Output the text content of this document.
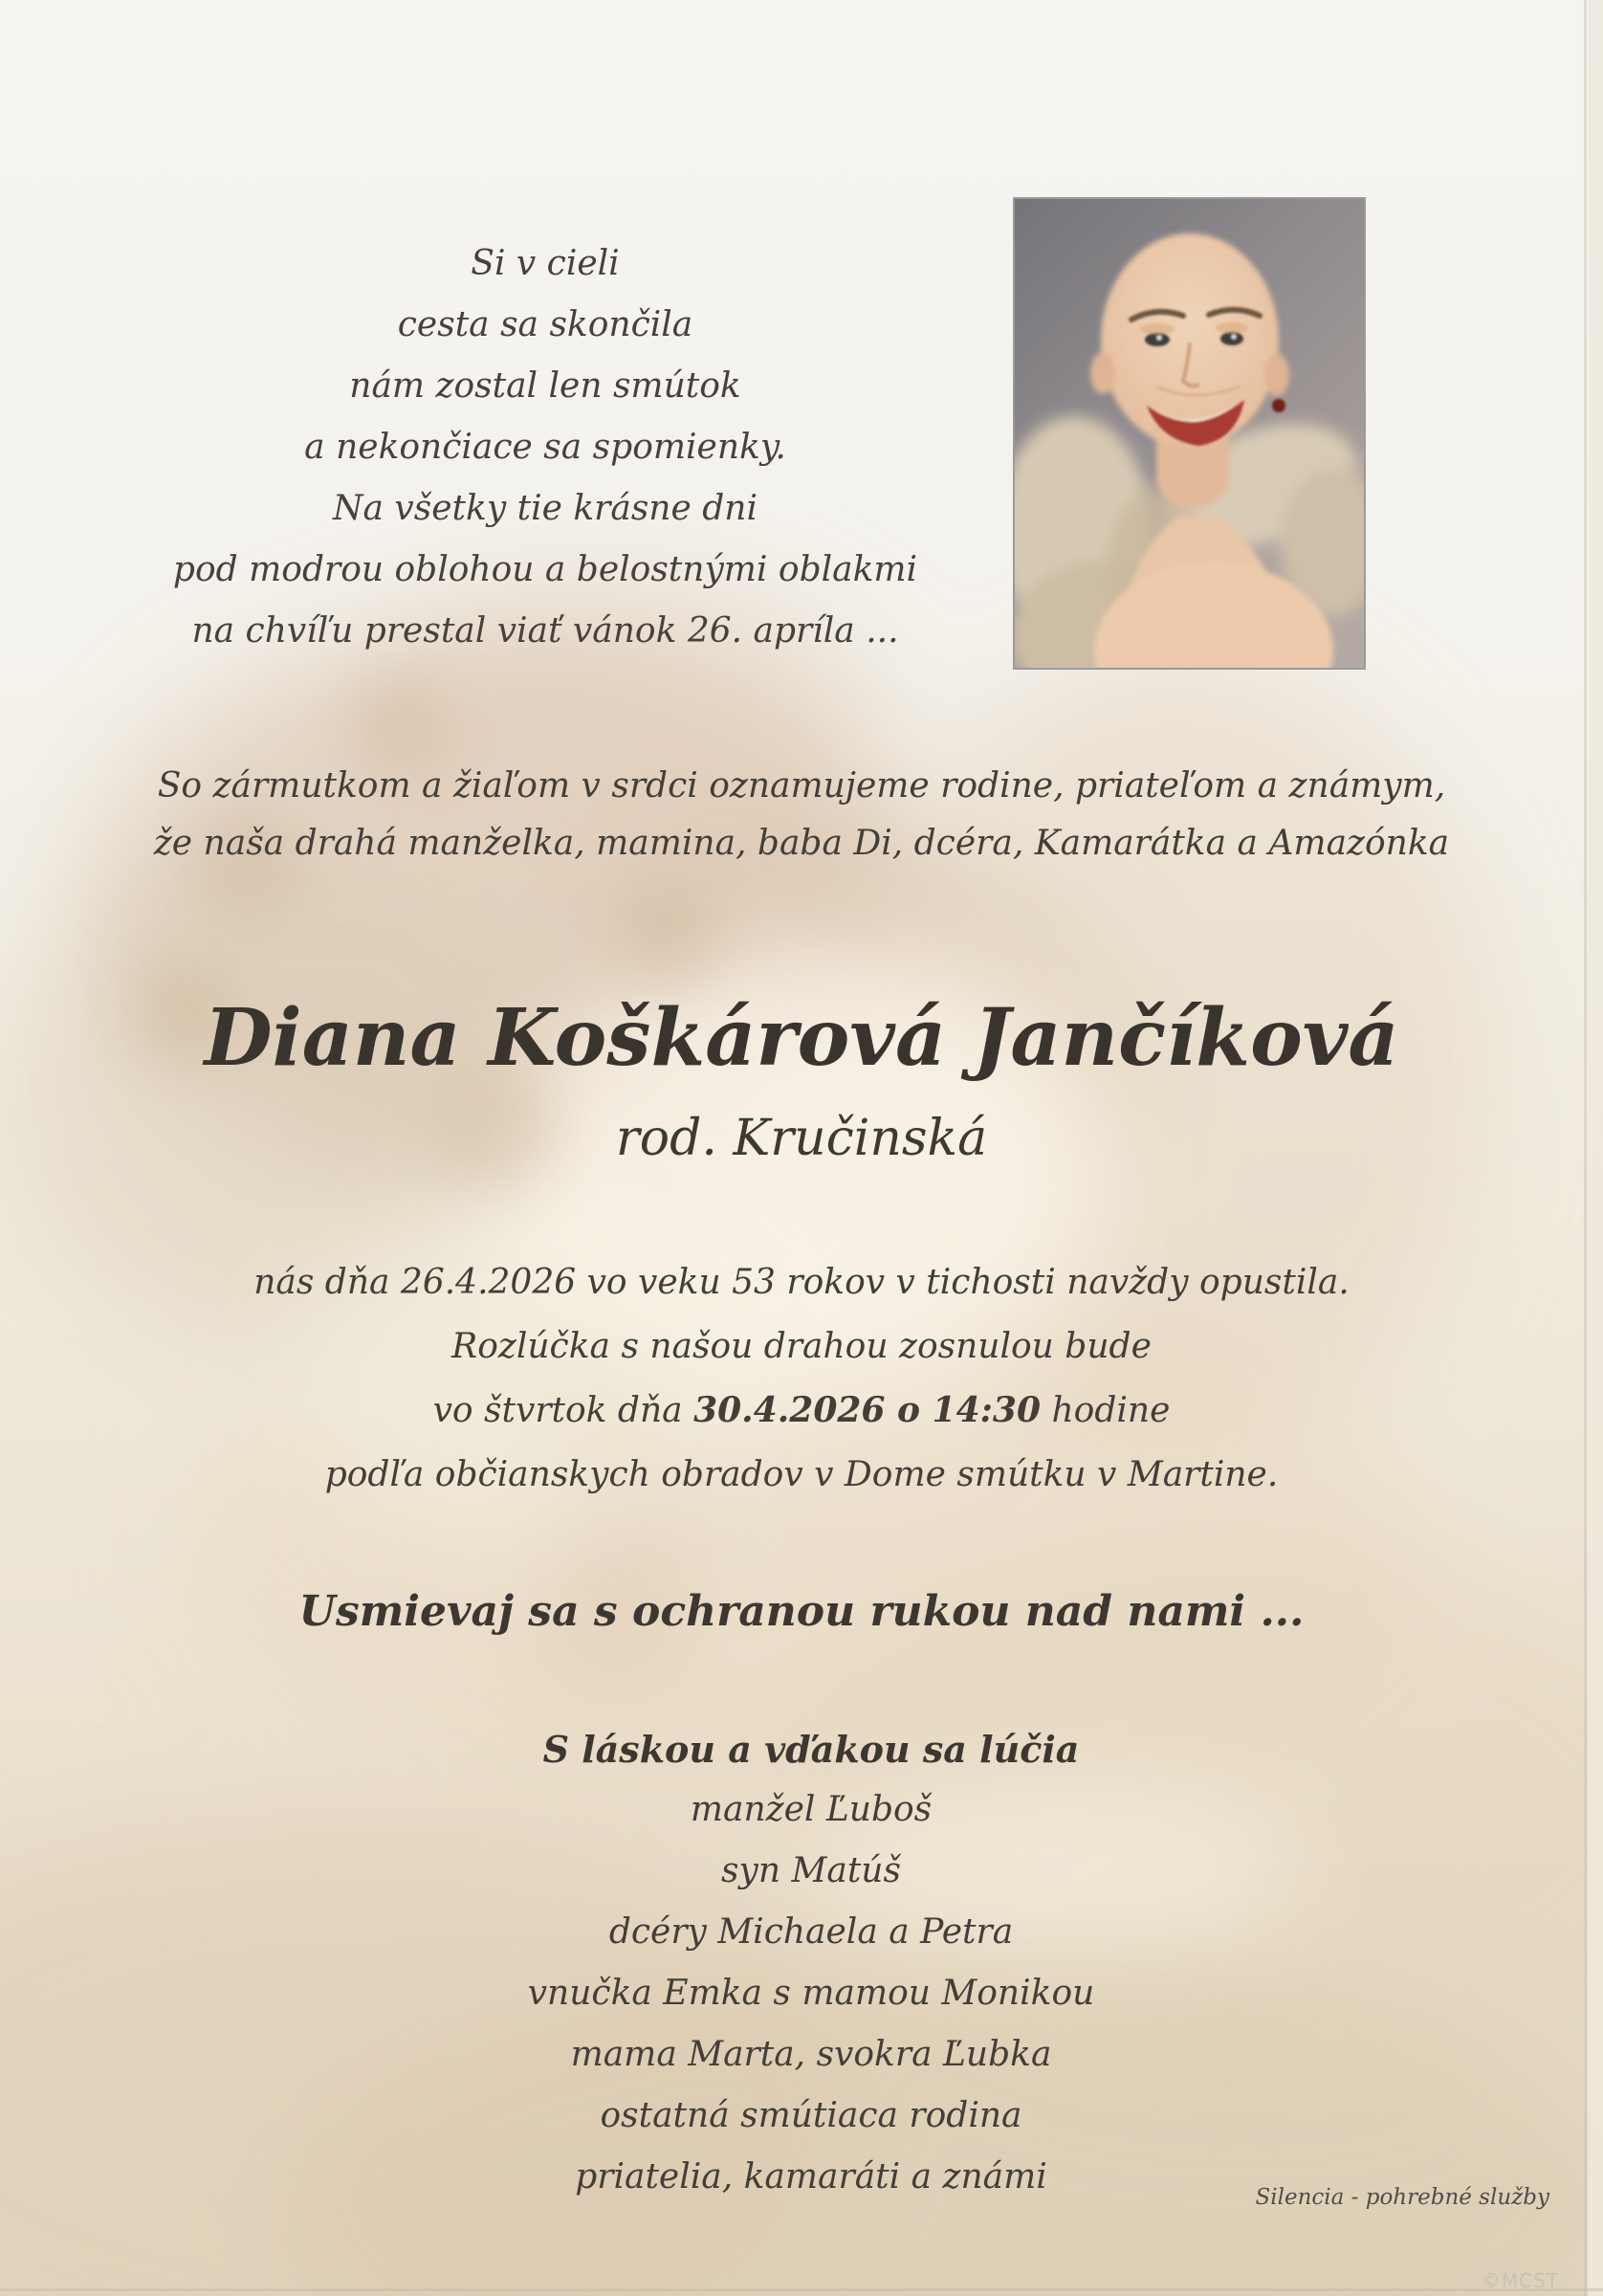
Si v cieli
cesta sa skončila
nám zostal len smútok
a nekončiace sa spomienky.
Na všetky tie krásne dni
pod modrou oblohou a belostnými oblakmi
na chvíľu prestal viať vánok 26. apríla ...
So zármutkom a žiaľom v srdci oznamujeme rodine, priateľom a známym,
že naša drahá manželka, mamina, baba Di, dcéra, Kamarátka a Amazónka
Diana Koškárová Jančíková
rod. Kručinská
nás dňa 26.4.2026 vo veku 53 rokov v tichosti navždy opustila.
Rozlúčka s našou drahou zosnulou bude
vo štvrtok dňa 30.4.2026 o 14:30 hodine
podľa občianskych obradov v Dome smútku v Martine.
Usmievaj sa s ochranou rukou nad nami ...
S láskou a vďakou sa lúčia
manžel Ľuboš
syn Matúš
dcéry Michaela a Petra
vnučka Emka s mamou Monikou
mama Marta, svokra Ľubka
ostatná smútiaca rodina
priatelia, kamaráti a známi
Silencia - pohrebné služby
©MCST
